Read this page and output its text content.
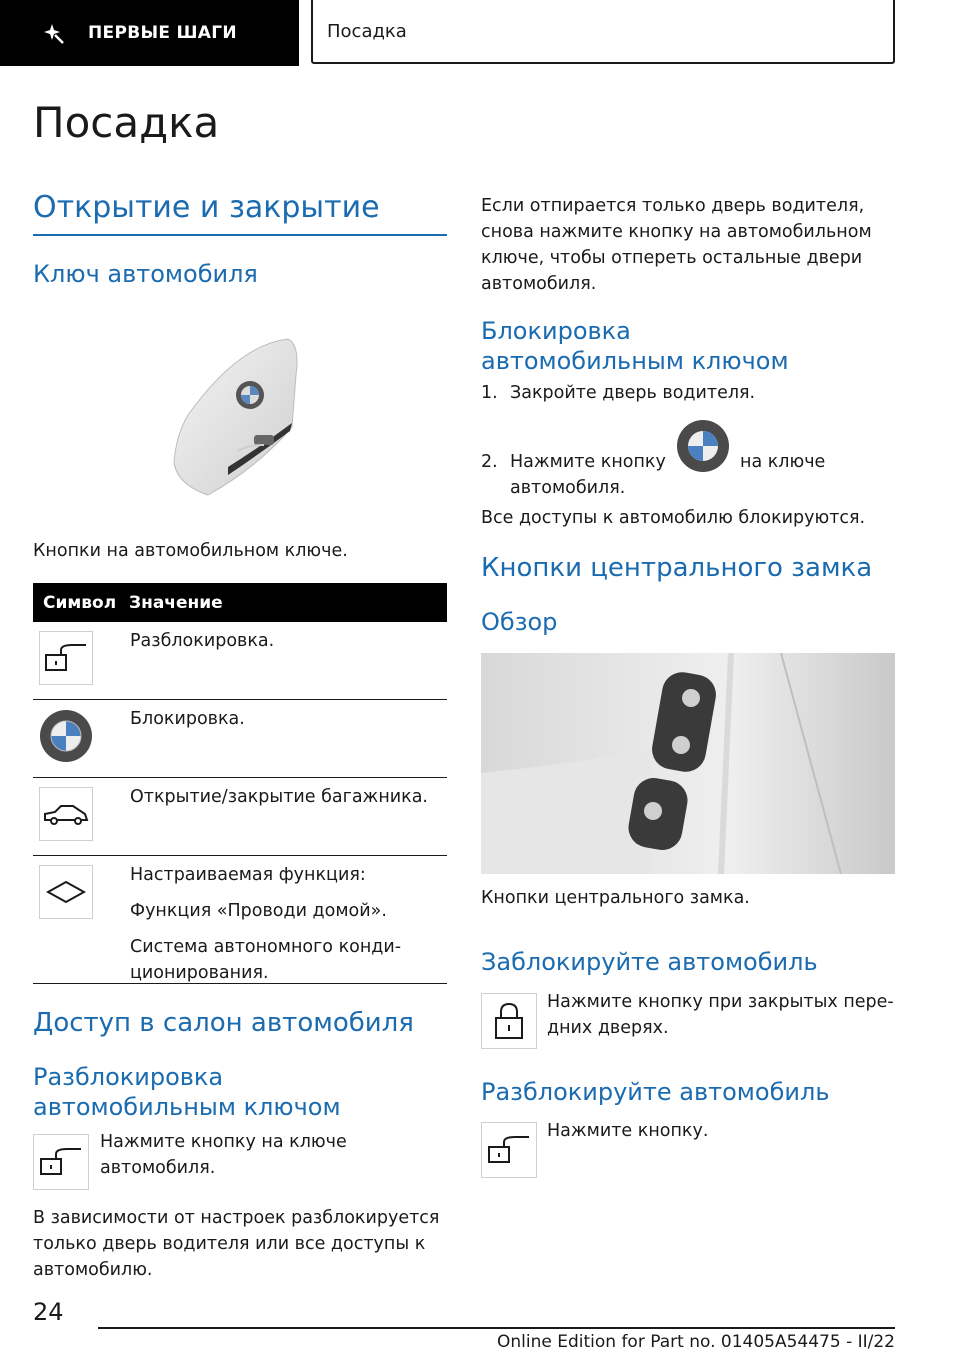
ПЕРВЫЕ ШАГИ	Посадка
Посадка
Открытие и закрытие
Ключ автомобиля
Кнопки на автомобильном ключе.
Символ Значение

Разблокировка.

Блокировка.

Открытие/закрытие багажника.

Настраиваемая функция:

Функция «Проводи домой».

Система автономного конди-
ционирования.

Доступ в салон автомобиля
Разблокировка автомобильным ключом
Нажмите кнопку на ключе автомобиля.
В зависимости от настроек разблокируется только дверь водителя или все доступы к автомобилю.
Если отпирается только дверь водителя, снова нажмите кнопку на автомобильном ключе, чтобы отпереть остальные двери автомобиля.
Блокировка автомобильным ключом
1. Закройте дверь водителя.
2. Нажмите кнопку	на ключе
автомобиля.
Все доступы к автомобилю блокируются.
Кнопки центрального замка
Обзор
Кнопки центрального замка.
Заблокируйте автомобиль
Нажмите кнопку при закрытых пере-
дних дверях.
Разблокируйте автомобиль
Нажмите кнопку.
24
Online Edition for Part no. 01405A54475 - II/22
